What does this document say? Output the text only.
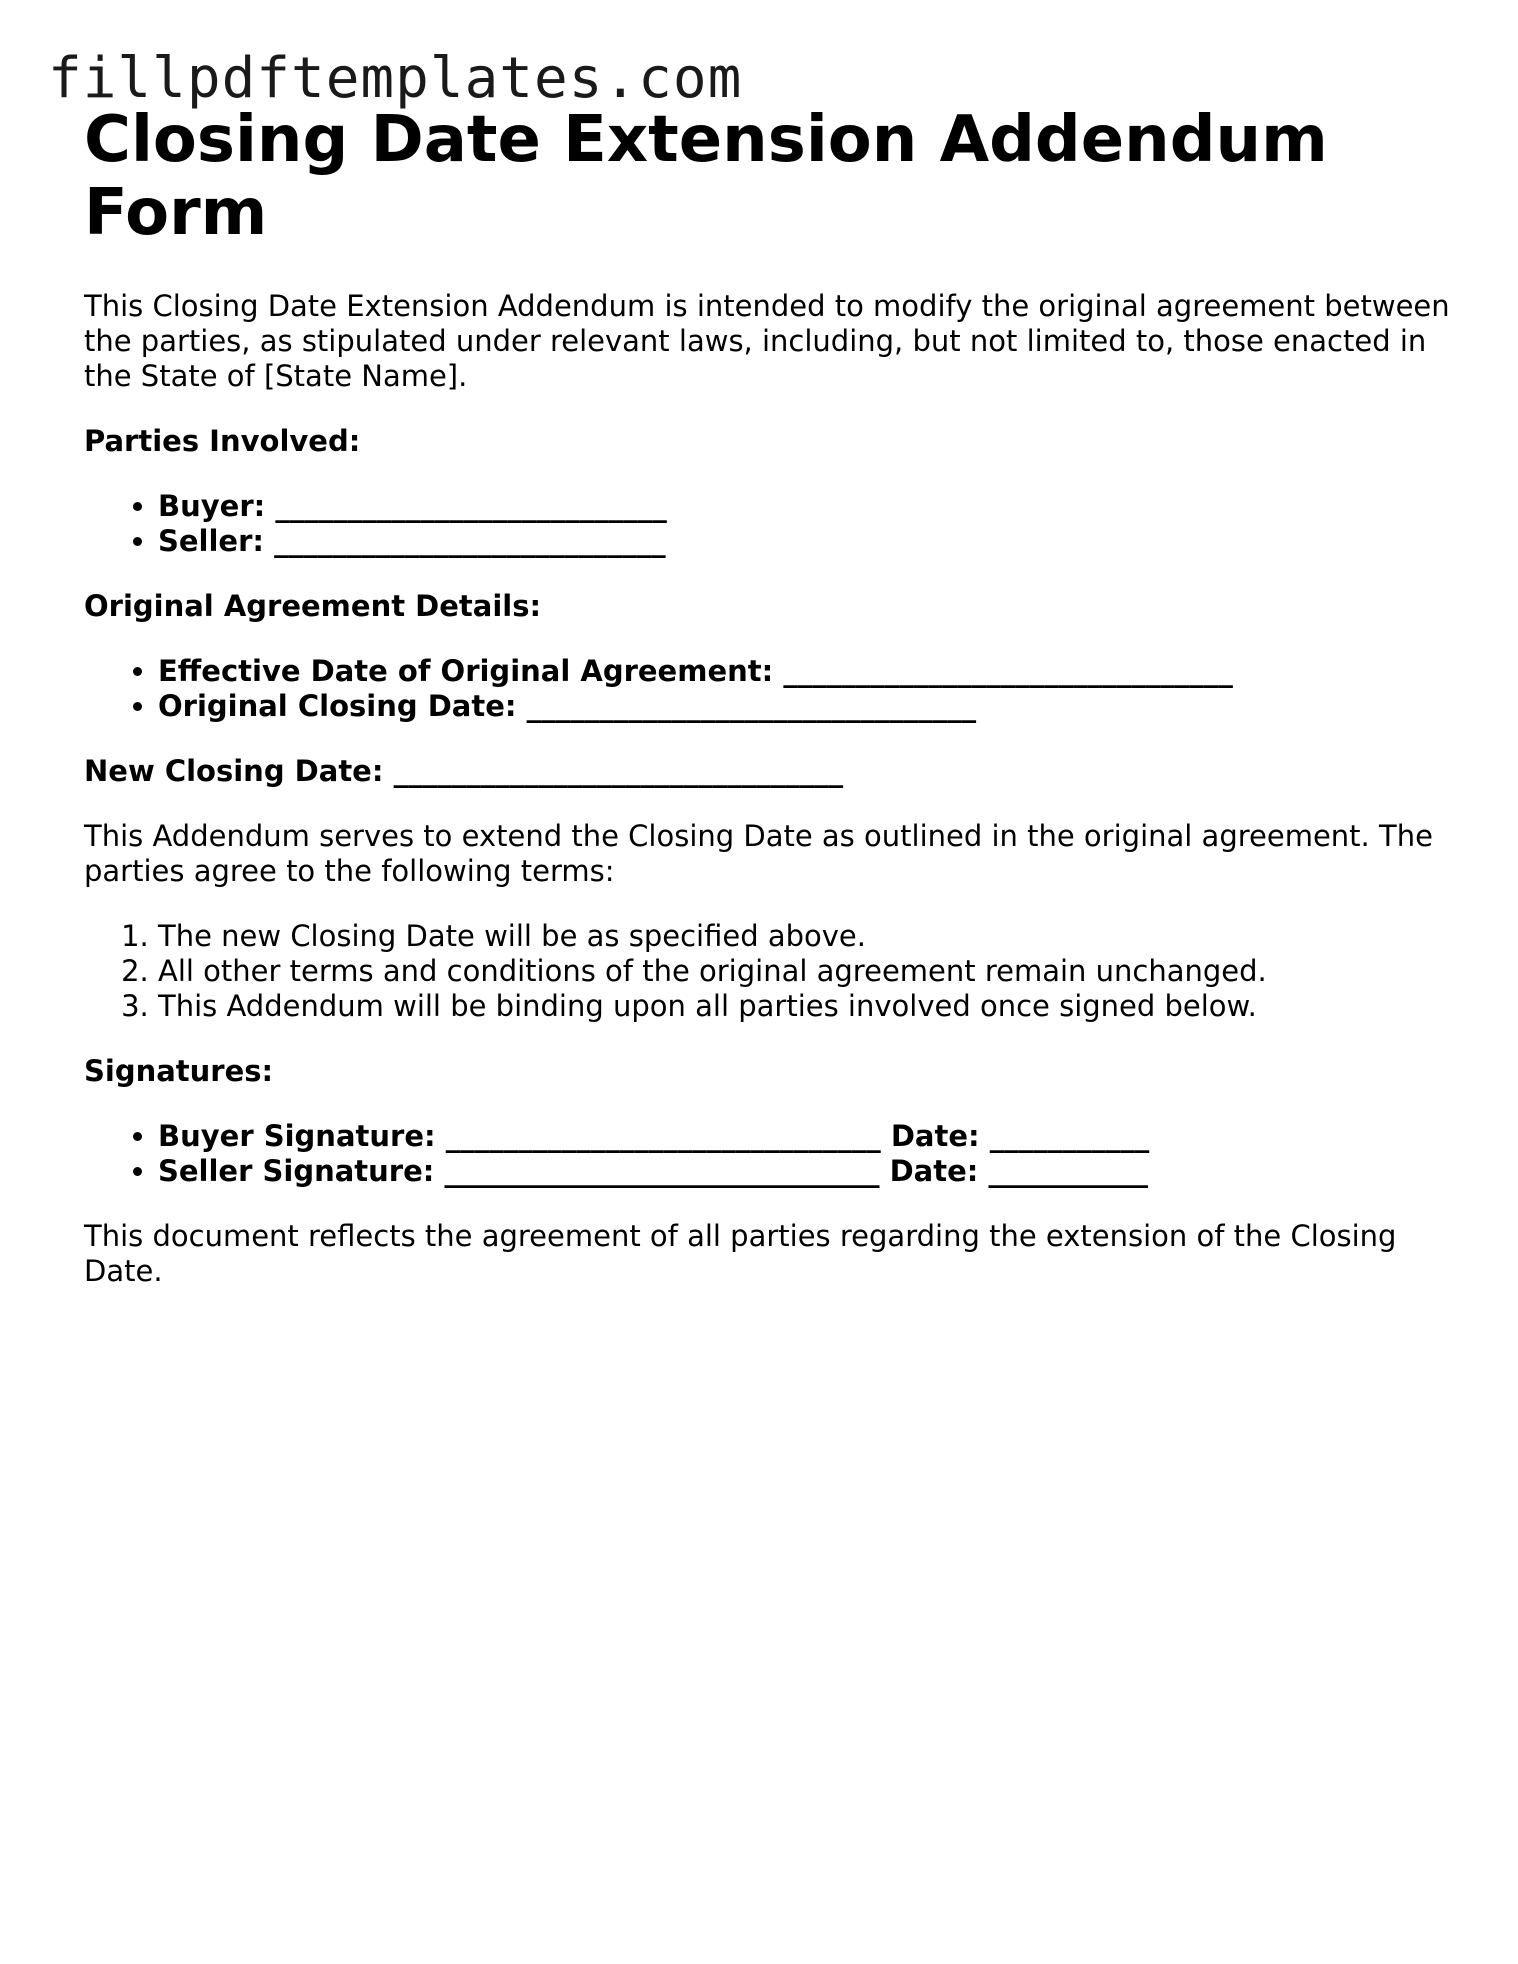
fillpdftemplates.com
Closing Date Extension Addendum Form

This Closing Date Extension Addendum is intended to modify the original agreement between the parties, as stipulated under relevant laws, including, but not limited to, those enacted in the State of [State Name].

Parties Involved:

• Buyer: ___________________________
• Seller: ___________________________

Original Agreement Details:

• Effective Date of Original Agreement: _______________________________
• Original Closing Date: _______________________________

New Closing Date: _______________________________

This Addendum serves to extend the Closing Date as outlined in the original agreement. The parties agree to the following terms:

1. The new Closing Date will be as specified above.
2. All other terms and conditions of the original agreement remain unchanged.
3. This Addendum will be binding upon all parties involved once signed below.

Signatures:

• Buyer Signature: ______________________________ Date: ___________
• Seller Signature: ______________________________ Date: ___________

This document reflects the agreement of all parties regarding the extension of the Closing Date.
